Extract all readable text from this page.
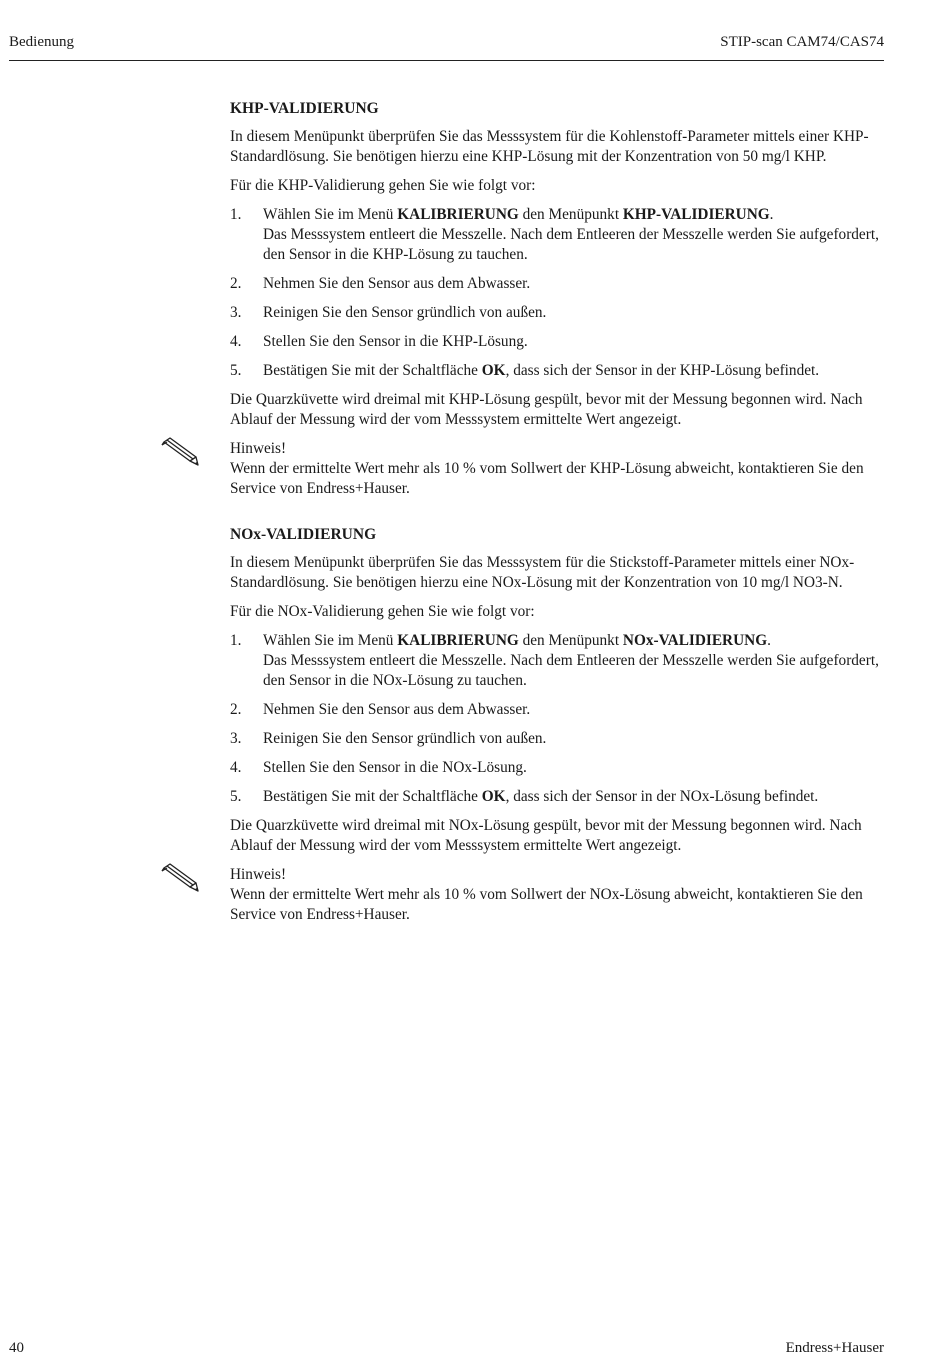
Bedienung	STIP-scan CAM74/CAS74
KHP-VALIDIERUNG

In diesem Menüpunkt überprüfen Sie das Messsystem für die Kohlenstoff-Parameter mittels einer KHP-Standardlösung. Sie benötigen hierzu eine KHP-Lösung mit der Konzentration von 50 mg/l KHP.

Für die KHP-Validierung gehen Sie wie folgt vor:

1. Wählen Sie im Menü KALIBRIERUNG den Menüpunkt KHP-VALIDIERUNG.
Das Messsystem entleert die Messzelle. Nach dem Entleeren der Messzelle werden Sie aufgefordert, den Sensor in die KHP-Lösung zu tauchen.
2. Nehmen Sie den Sensor aus dem Abwasser.
3. Reinigen Sie den Sensor gründlich von außen.
4. Stellen Sie den Sensor in die KHP-Lösung.
5. Bestätigen Sie mit der Schaltfläche OK, dass sich der Sensor in der KHP-Lösung befindet.

Die Quarzküvette wird dreimal mit KHP-Lösung gespült, bevor mit der Messung begonnen wird. Nach Ablauf der Messung wird der vom Messsystem ermittelte Wert angezeigt.

Hinweis!
Wenn der ermittelte Wert mehr als 10 % vom Sollwert der KHP-Lösung abweicht, kontaktieren Sie den Service von Endress+Hauser.
NOx-VALIDIERUNG

In diesem Menüpunkt überprüfen Sie das Messsystem für die Stickstoff-Parameter mittels einer NOx-Standardlösung. Sie benötigen hierzu eine NOx-Lösung mit der Konzentration von 10 mg/l NO3-N.

Für die NOx-Validierung gehen Sie wie folgt vor:

1. Wählen Sie im Menü KALIBRIERUNG den Menüpunkt NOx-VALIDIERUNG.
Das Messsystem entleert die Messzelle. Nach dem Entleeren der Messzelle werden Sie aufgefordert, den Sensor in die NOx-Lösung zu tauchen.
2. Nehmen Sie den Sensor aus dem Abwasser.
3. Reinigen Sie den Sensor gründlich von außen.
4. Stellen Sie den Sensor in die NOx-Lösung.
5. Bestätigen Sie mit der Schaltfläche OK, dass sich der Sensor in der NOx-Lösung befindet.

Die Quarzküvette wird dreimal mit NOx-Lösung gespült, bevor mit der Messung begonnen wird. Nach Ablauf der Messung wird der vom Messsystem ermittelte Wert angezeigt.

Hinweis!
Wenn der ermittelte Wert mehr als 10 % vom Sollwert der NOx-Lösung abweicht, kontaktieren Sie den Service von Endress+Hauser.
40	Endress+Hauser
